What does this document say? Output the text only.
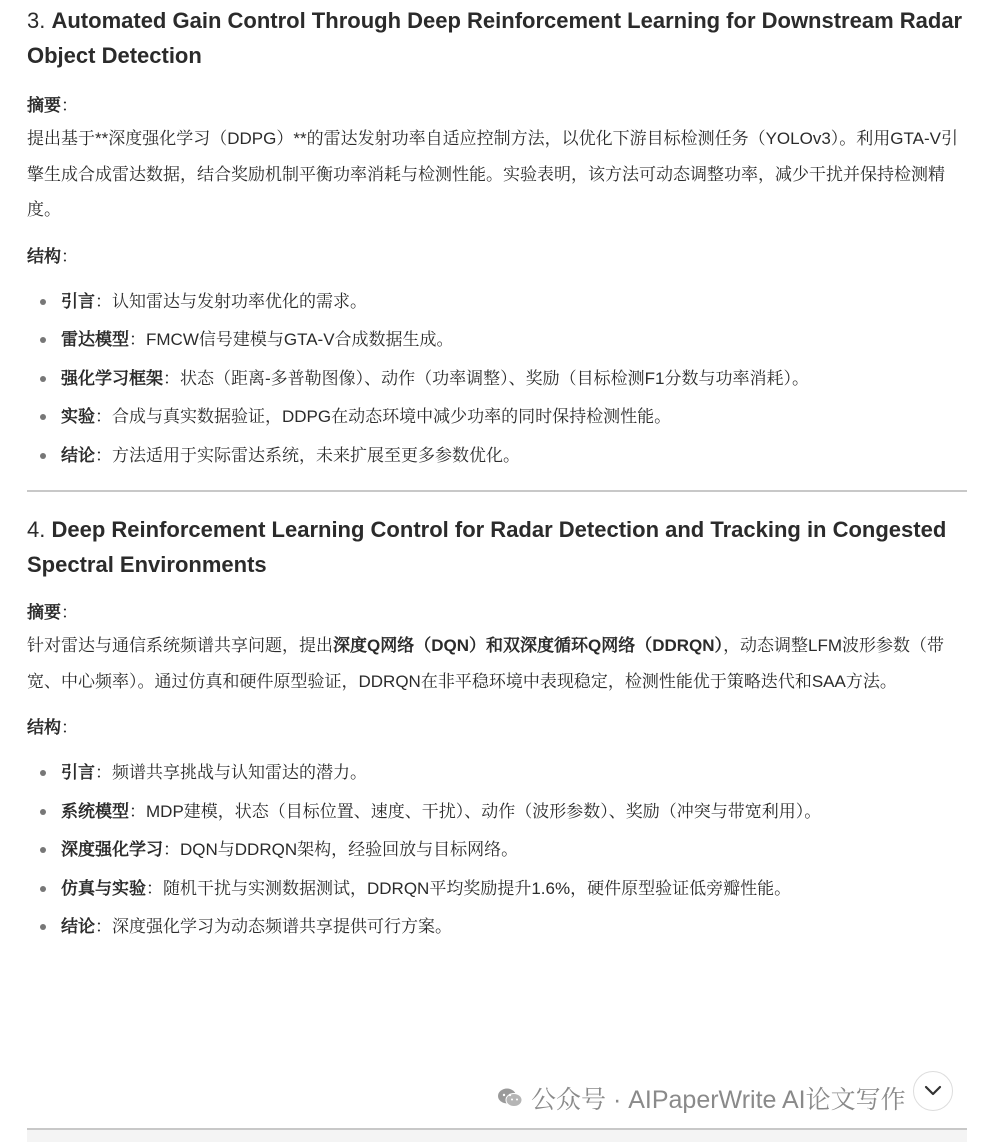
3. Automated Gain Control Through Deep Reinforcement Learning for Downstream Radar Object Detection

摘要：

提出基于**深度强化学习（DDPG）**的雷达发射功率自适应控制方法，以优化下游目标检测任务（YOLOv3）。利用GTA-V引擎生成合成雷达数据，结合奖励机制平衡功率消耗与检测性能。实验表明，该方法可动态调整功率，减少干扰并保持检测精度。

结构：

引言：认知雷达与发射功率优化的需求。
雷达模型：FMCW信号建模与GTA-V合成数据生成。
强化学习框架：状态（距离-多普勒图像）、动作（功率调整）、奖励（目标检测F1分数与功率消耗）。
实验：合成与真实数据验证，DDPG在动态环境中减少功率的同时保持检测性能。
结论：方法适用于实际雷达系统，未来扩展至更多参数优化。
4. Deep Reinforcement Learning Control for Radar Detection and Tracking in Congested Spectral Environments

摘要：

针对雷达与通信系统频谱共享问题，提出深度Q网络（DQN）和双深度循环Q网络（DDRQN），动态调整LFM波形参数（带宽、中心频率）。通过仿真和硬件原型验证，DDRQN在非平稳环境中表现稳定，检测性能优于策略迭代和SAA方法。

结构：

引言：频谱共享挑战与认知雷达的潜力。
系统模型：MDP建模，状态（目标位置、速度、干扰）、动作（波形参数）、奖励（冲突与带宽利用）。
深度强化学习：DQN与DDRQN架构，经验回放与目标网络。
仿真与实验：随机干扰与实测数据测试，DDRQN平均奖励提升1.6%，硬件原型验证低旁瓣性能。
结论：深度强化学习为动态频谱共享提供可行方案。
公众号 · AIPaperWrite AI论文写作
